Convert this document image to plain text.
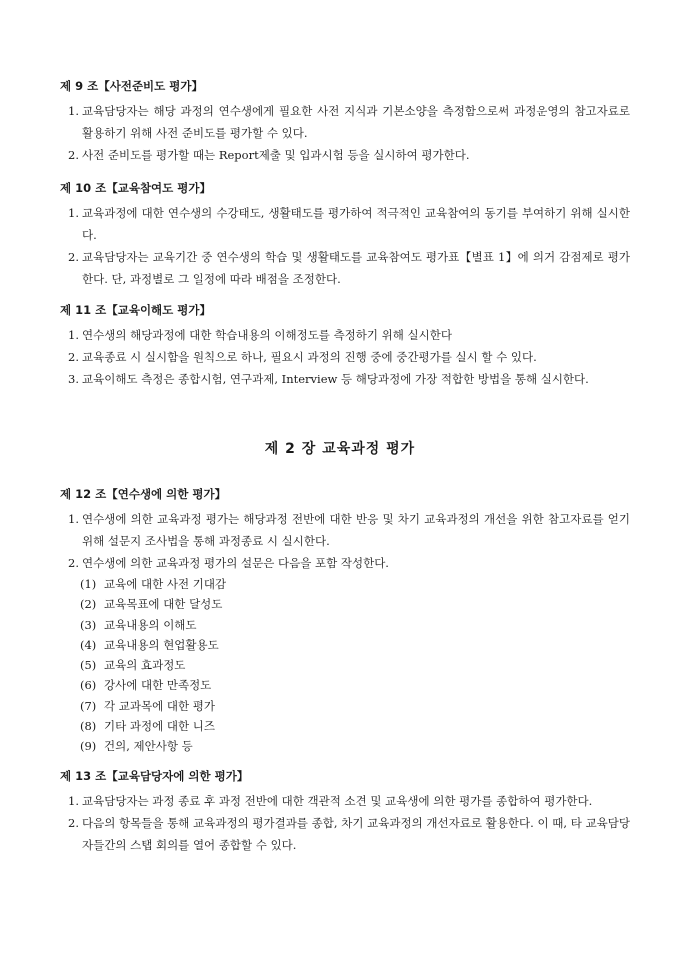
제 9 조【사전준비도 평가】
1. 교육담당자는 해당 과정의 연수생에게 필요한 사전 지식과 기본소양을 측정함으로써 과정운영의 참고자료로 활용하기 위해 사전 준비도를 평가할 수 있다.
2. 사전 준비도를 평가할 때는 Report제출 및 입과시험 등을 실시하여 평가한다.
제 10 조【교육참여도 평가】
1. 교육과정에 대한 연수생의 수강태도, 생활태도를 평가하여 적극적인 교육참여의 동기를 부여하기 위해 실시한다.
2. 교육담당자는 교육기간 중 연수생의 학습 및 생활태도를 교육참여도 평가표【별표 1】에 의거 감점제로 평가한다. 단, 과정별로 그 일정에 따라 배점을 조정한다.
제 11 조【교육이해도 평가】
1. 연수생의 해당과정에 대한 학습내용의 이해정도를 측정하기 위해 실시한다
2. 교육종료 시 실시함을 원칙으로 하나, 필요시 과정의 진행 중에 중간평가를 실시 할 수 있다.
3. 교육이해도 측정은 종합시험, 연구과제, Interview 등 해당과정에 가장 적합한 방법을 통해 실시한다.
제 2 장 교육과정 평가
제 12 조【연수생에 의한 평가】
1. 연수생에 의한 교육과정 평가는 해당과정 전반에 대한 반응 및 차기 교육과정의 개선을 위한 참고자료를 얻기 위해 설문지 조사법을 통해 과정종료 시 실시한다.
2. 연수생에 의한 교육과정 평가의 설문은 다음을 포함 작성한다.
(1) 교육에 대한 사전 기대감
(2) 교육목표에 대한 달성도
(3) 교육내용의 이해도
(4) 교육내용의 현업활용도
(5) 교육의 효과정도
(6) 강사에 대한 만족정도
(7) 각 교과목에 대한 평가
(8) 기타 과정에 대한 니즈
(9) 건의, 제안사항 등
제 13 조【교육담당자에 의한 평가】
1. 교육담당자는 과정 종료 후 과정 전반에 대한 객관적 소견 및 교육생에 의한 평가를 종합하여 평가한다.
2. 다음의 항목들을 통해 교육과정의 평가결과를 종합, 차기 교육과정의 개선자료로 활용한다. 이 때, 타 교육담당자들간의 스탭 회의를 열어 종합할 수 있다.
